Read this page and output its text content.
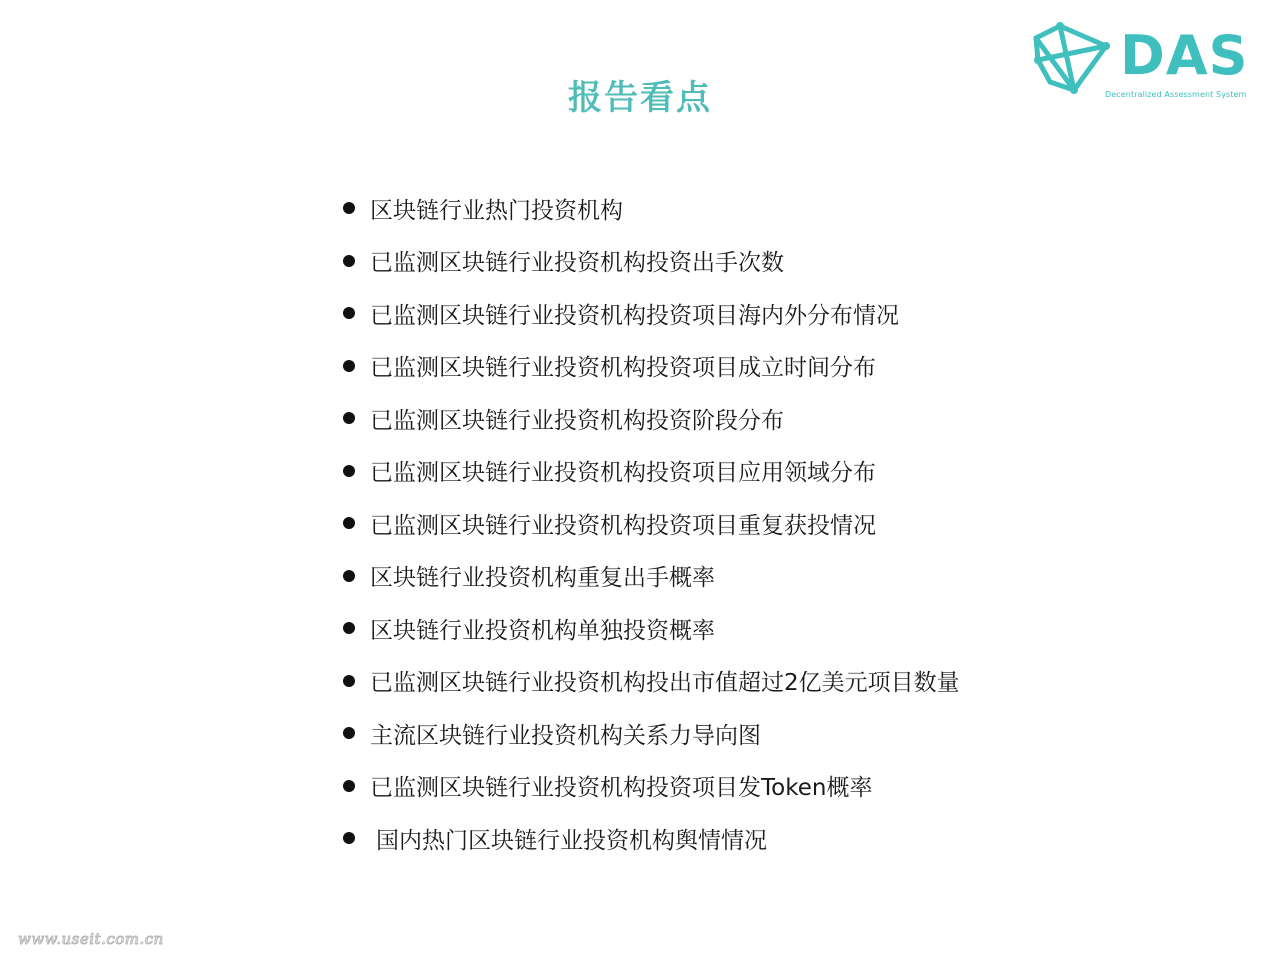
DAS
Decentralized Assessment System
报告看点
区块链行业热门投资机构
已监测区块链行业投资机构投资出手次数
已监测区块链行业投资机构投资项目海内外分布情况
已监测区块链行业投资机构投资项目成立时间分布
已监测区块链行业投资机构投资阶段分布
已监测区块链行业投资机构投资项目应用领域分布
已监测区块链行业投资机构投资项目重复获投情况
区块链行业投资机构重复出手概率
区块链行业投资机构单独投资概率
已监测区块链行业投资机构投出市值超过2亿美元项目数量
主流区块链行业投资机构关系力导向图
已监测区块链行业投资机构投资项目发Token概率
国内热门区块链行业投资机构舆情情况
www.useit.com.cn
